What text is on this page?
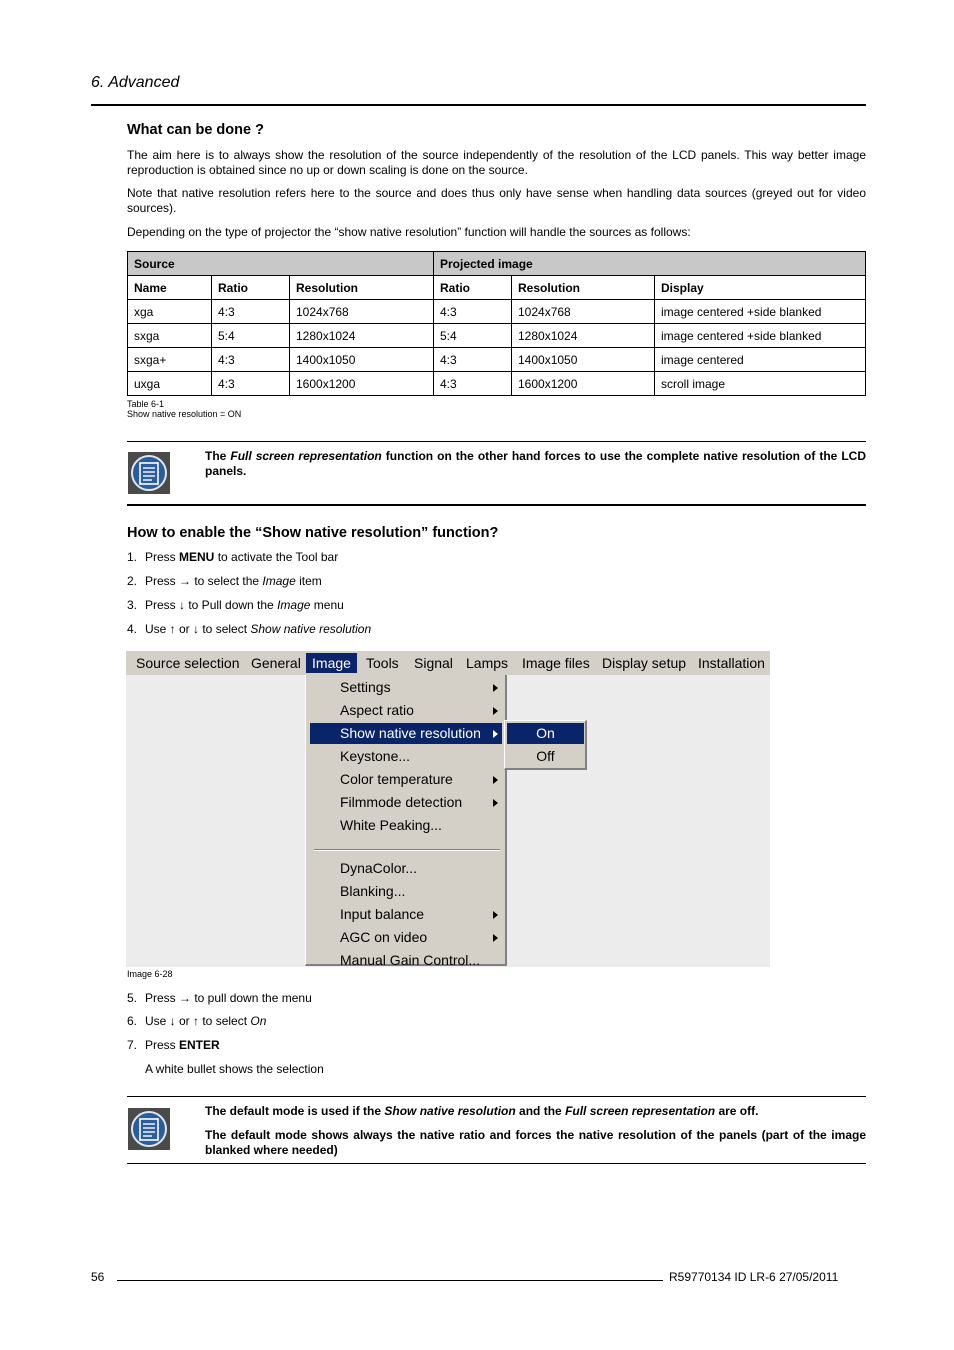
6. Advanced
What can be done ?
The aim here is to always show the resolution of the source independently of the resolution of the LCD panels. This way better image reproduction is obtained since no up or down scaling is done on the source.
Note that native resolution refers here to the source and does thus only have sense when handling data sources (greyed out for video sources).
Depending on the type of projector the “show native resolution” function will handle the sources as follows:
Source			Projected image		
Name	Ratio	Resolution	Ratio	Resolution	Display
xga	4:3	1024x768	4:3	1024x768	image centered +side blanked
sxga	5:4	1280x1024	5:4	1280x1024	image centered +side blanked
sxga+	4:3	1400x1050	4:3	1400x1050	image centered
uxga	4:3	1600x1200	4:3	1600x1200	scroll image
Table 6-1
Show native resolution = ON
The Full screen representation function on the other hand forces to use the complete native resolution of the LCD panels.
How to enable the “Show native resolution” function?
1. Press MENU to activate the Tool bar
2. Press → to select the Image item
3. Press ↓ to Pull down the Image menu
4. Use ↑ or ↓ to select Show native resolution
Source selection General Image	Tools Signal Lamps Image files Display setup Installation
Settings
Aspect ratio
Show native resolution
Keystone...
Color temperature
Filmmode detection
White Peaking...
DynaColor...
Blanking...
Input balance
AGC on video
Manual Gain Control...
On
Off
Image 6-28
5. Press → to pull down the menu
6. Use ↓ or ↑ to select On
7. Press ENTER
A white bullet shows the selection
The default mode is used if the Show native resolution and the Full screen representation are off.
The default mode shows always the native ratio and forces the native resolution of the panels (part of the image blanked where needed)
56	R59770134 ID LR-6 27/05/2011
